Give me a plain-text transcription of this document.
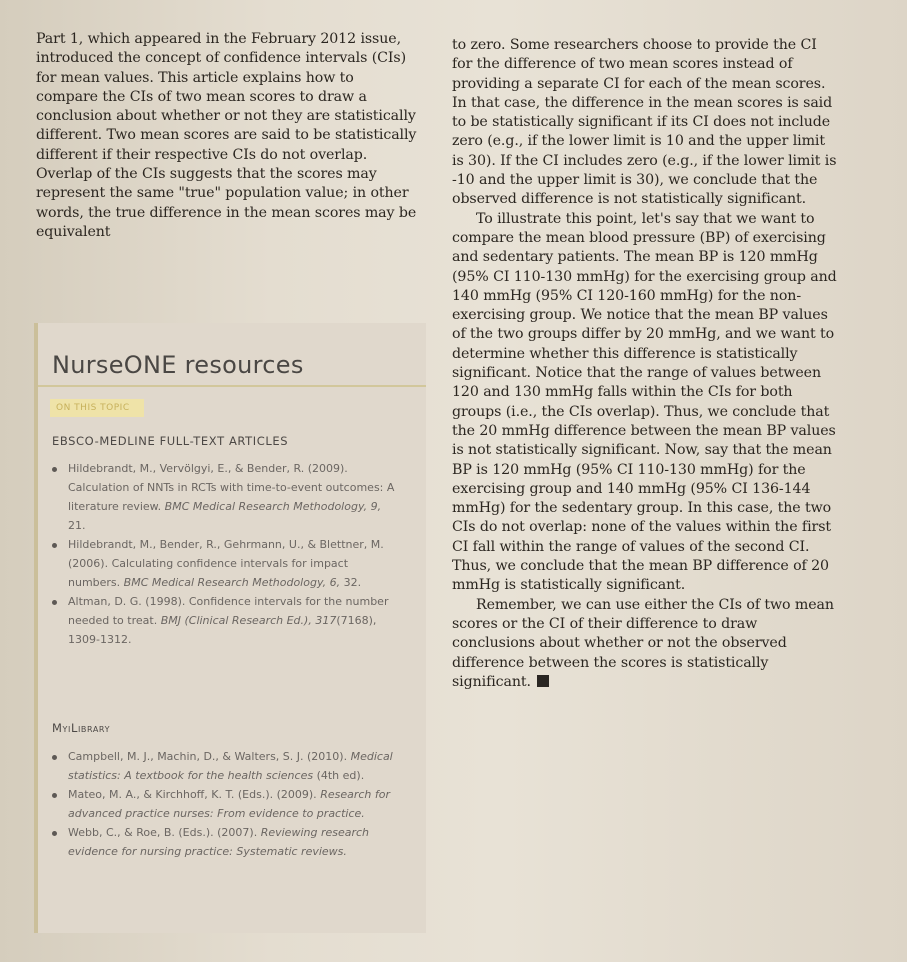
Part 1, which appeared in the February 2012 issue, introduced the concept of confidence intervals (CIs) for mean values. This article explains how to compare the CIs of two mean scores to draw a conclusion about whether or not they are statistically different. Two mean scores are said to be statistically different if their respective CIs do not overlap. Overlap of the CIs suggests that the scores may represent the same "true" population value; in other words, the true difference in the mean scores may be equivalent

NurseONE resources
ON THIS TOPIC
EBSCO-MEDLINE FULL-TEXT ARTICLES
Hildebrandt, M., Vervölgyi, E., & Bender, R. (2009). Calculation of NNTs in RCTs with time-to-event outcomes: A literature review. BMC Medical Research Methodology, 9, 21.
Hildebrandt, M., Bender, R., Gehrmann, U., & Blettner, M. (2006). Calculating confidence intervals for impact numbers. BMC Medical Research Methodology, 6, 32.
Altman, D. G. (1998). Confidence intervals for the number needed to treat. BMJ (Clinical Research Ed.), 317(7168), 1309-1312.
MyiLibrary
Campbell, M. J., Machin, D., & Walters, S. J. (2010). Medical statistics: A textbook for the health sciences (4th ed).
Mateo, M. A., & Kirchhoff, K. T. (Eds.). (2009). Research for advanced practice nurses: From evidence to practice.
Webb, C., & Roe, B. (Eds.). (2007). Reviewing research evidence for nursing practice: Systematic reviews.

to zero. Some researchers choose to provide the CI for the difference of two mean scores instead of providing a separate CI for each of the mean scores. In that case, the difference in the mean scores is said to be statistically significant if its CI does not include zero (e.g., if the lower limit is 10 and the upper limit is 30). If the CI includes zero (e.g., if the lower limit is -10 and the upper limit is 30), we conclude that the observed difference is not statistically significant.

To illustrate this point, let's say that we want to compare the mean blood pressure (BP) of exercising and sedentary patients. The mean BP is 120 mmHg (95% CI 110-130 mmHg) for the exercising group and 140 mmHg (95% CI 120-160 mmHg) for the non-exercising group. We notice that the mean BP values of the two groups differ by 20 mmHg, and we want to determine whether this difference is statistically significant. Notice that the range of values between 120 and 130 mmHg falls within the CIs for both groups (i.e., the CIs overlap). Thus, we conclude that the 20 mmHg difference between the mean BP values is not statistically significant. Now, say that the mean BP is 120 mmHg (95% CI 110-130 mmHg) for the exercising group and 140 mmHg (95% CI 136-144 mmHg) for the sedentary group. In this case, the two CIs do not overlap: none of the values within the first CI fall within the range of values of the second CI. Thus, we conclude that the mean BP difference of 20 mmHg is statistically significant.

Remember, we can use either the CIs of two mean scores or the CI of their difference to draw conclusions about whether or not the observed difference between the scores is statistically significant.
